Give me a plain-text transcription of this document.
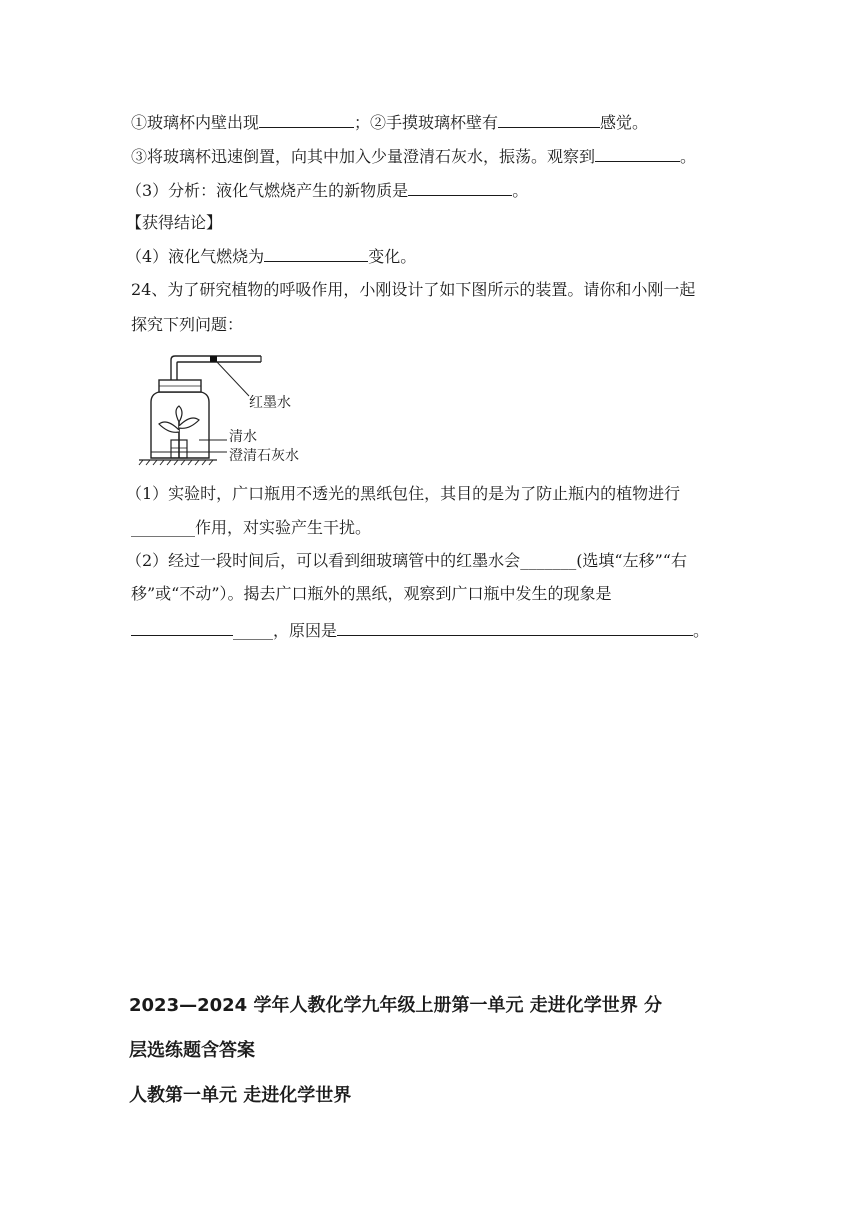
①玻璃杯内壁出现	；②手摸玻璃杯壁有	感觉。
③将玻璃杯迅速倒置，向其中加入少量澄清石灰水，振荡。观察到	。
（3）分析：液化气燃烧产生的新物质是	。
【获得结论】
（4）液化气燃烧为	变化。
24、为了研究植物的呼吸作用，小刚设计了如下图所示的装置。请你和小刚一起
探究下列问题：
红墨水
清水
澄清石灰水
（1）实验时，广口瓶用不透光的黑纸包住，其目的是为了防止瓶内的植物进行
________作用，对实验产生干扰。
（2）经过一段时间后，可以看到细玻璃管中的红墨水会_______(选填“左移”“右
移”或“不动”）。揭去广口瓶外的黑纸，观察到广口瓶中发生的现象是
_____，原因是	。
2023—2024 学年人教化学九年级上册第一单元 走进化学世界 分
层选练题含答案
人教第一单元 走进化学世界
